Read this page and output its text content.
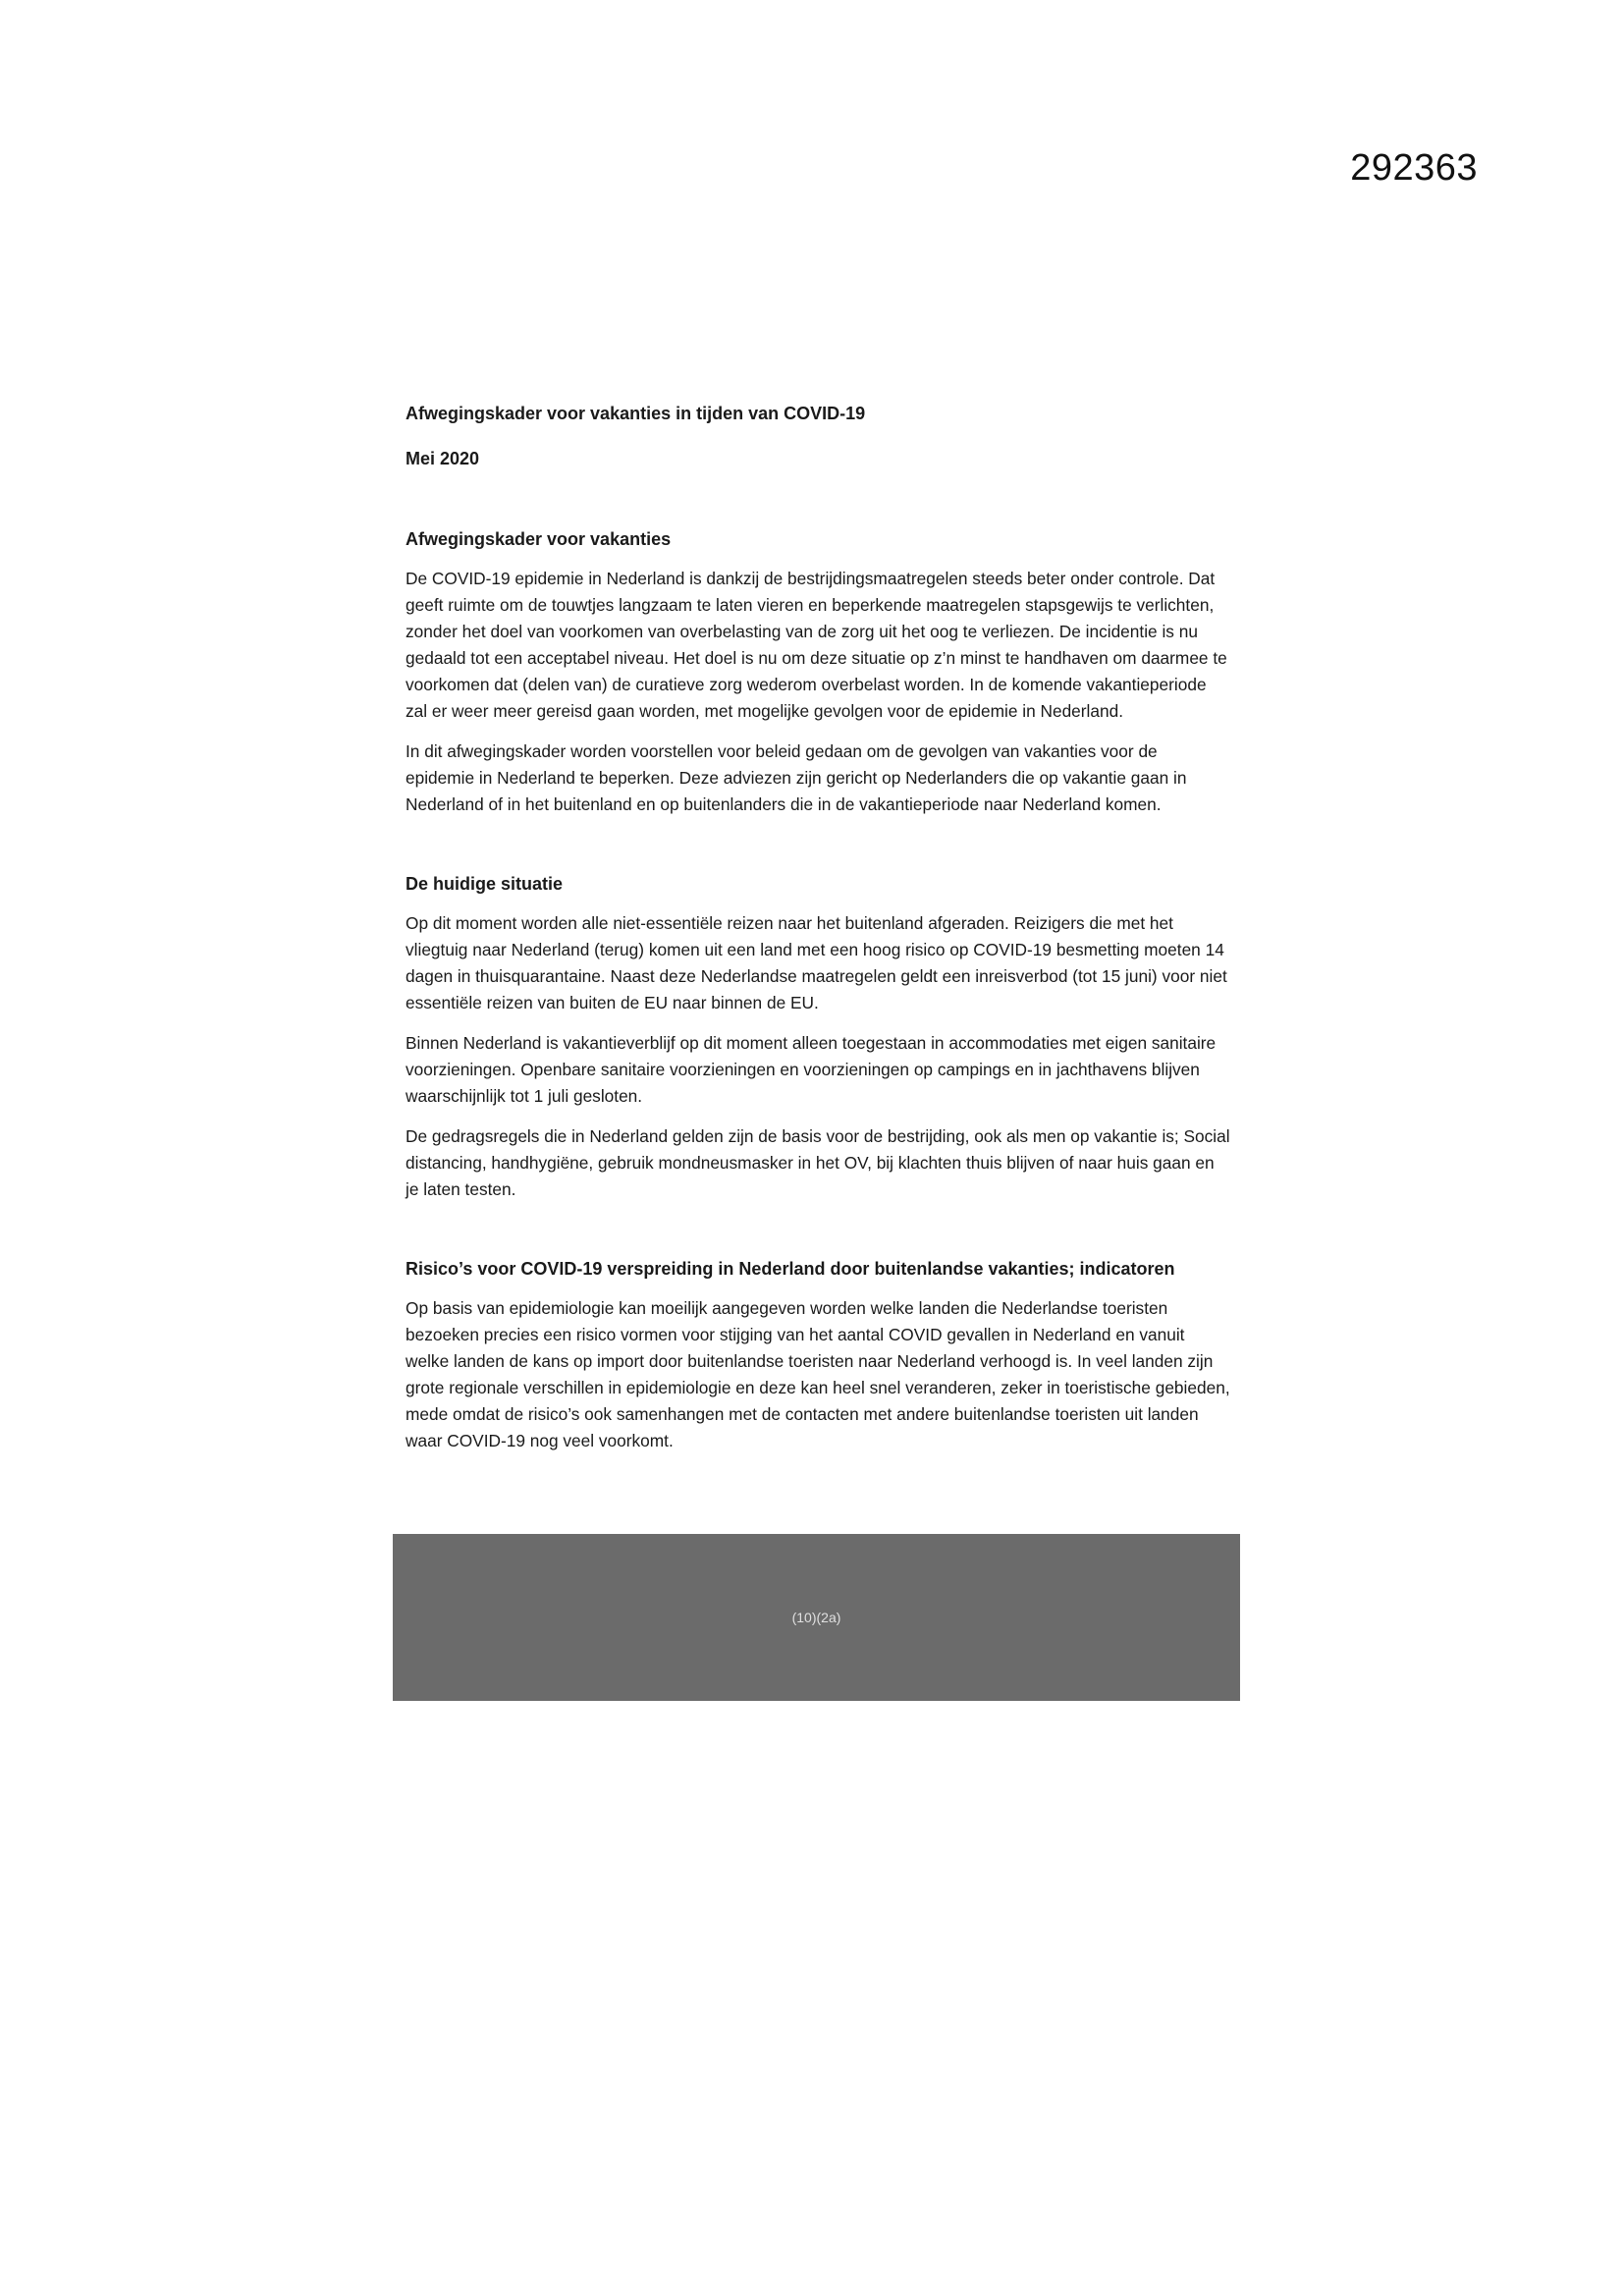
292363
Afwegingskader voor vakanties in tijden van COVID-19
Mei 2020
Afwegingskader voor vakanties

De COVID-19 epidemie in Nederland is dankzij de bestrijdingsmaatregelen steeds beter onder controle. Dat geeft ruimte om de touwtjes langzaam te laten vieren en beperkende maatregelen stapsgewijs te verlichten, zonder het doel van voorkomen van overbelasting van de zorg uit het oog te verliezen. De incidentie is nu gedaald tot een acceptabel niveau. Het doel is nu om deze situatie op z’n minst te handhaven om daarmee te voorkomen dat (delen van) de curatieve zorg wederom overbelast worden. In de komende vakantieperiode zal er weer meer gereisd gaan worden, met mogelijke gevolgen voor de epidemie in Nederland.

In dit afwegingskader worden voorstellen voor beleid gedaan om de gevolgen van vakanties voor de epidemie in Nederland te beperken. Deze adviezen zijn gericht op Nederlanders die op vakantie gaan in Nederland of in het buitenland en op buitenlanders die in de vakantieperiode naar Nederland komen.

De huidige situatie

Op dit moment worden alle niet-essentiële reizen naar het buitenland afgeraden. Reizigers die met het vliegtuig naar Nederland (terug) komen uit een land met een hoog risico op COVID-19 besmetting moeten 14 dagen in thuisquarantaine. Naast deze Nederlandse maatregelen geldt een inreisverbod (tot 15 juni) voor niet essentiële reizen van buiten de EU naar binnen de EU.

Binnen Nederland is vakantieverblijf op dit moment alleen toegestaan in accommodaties met eigen sanitaire voorzieningen. Openbare sanitaire voorzieningen en voorzieningen op campings en in jachthavens blijven waarschijnlijk tot 1 juli gesloten.

De gedragsregels die in Nederland gelden zijn de basis voor de bestrijding, ook als men op vakantie is; Social distancing, handhygiëne, gebruik mondneusmasker in het OV, bij klachten thuis blijven of naar huis gaan en je laten testen.

Risico’s voor COVID-19 verspreiding in Nederland door buitenlandse vakanties; indicatoren

Op basis van epidemiologie kan moeilijk aangegeven worden welke landen die Nederlandse toeristen bezoeken precies een risico vormen voor stijging van het aantal COVID gevallen in Nederland en vanuit welke landen de kans op import door buitenlandse toeristen naar Nederland verhoogd is. In veel landen zijn grote regionale verschillen in epidemiologie en deze kan heel snel veranderen, zeker in toeristische gebieden, mede omdat de risico’s ook samenhangen met de contacten met andere buitenlandse toeristen uit landen waar COVID-19 nog veel voorkomt.

(10)(2a)
